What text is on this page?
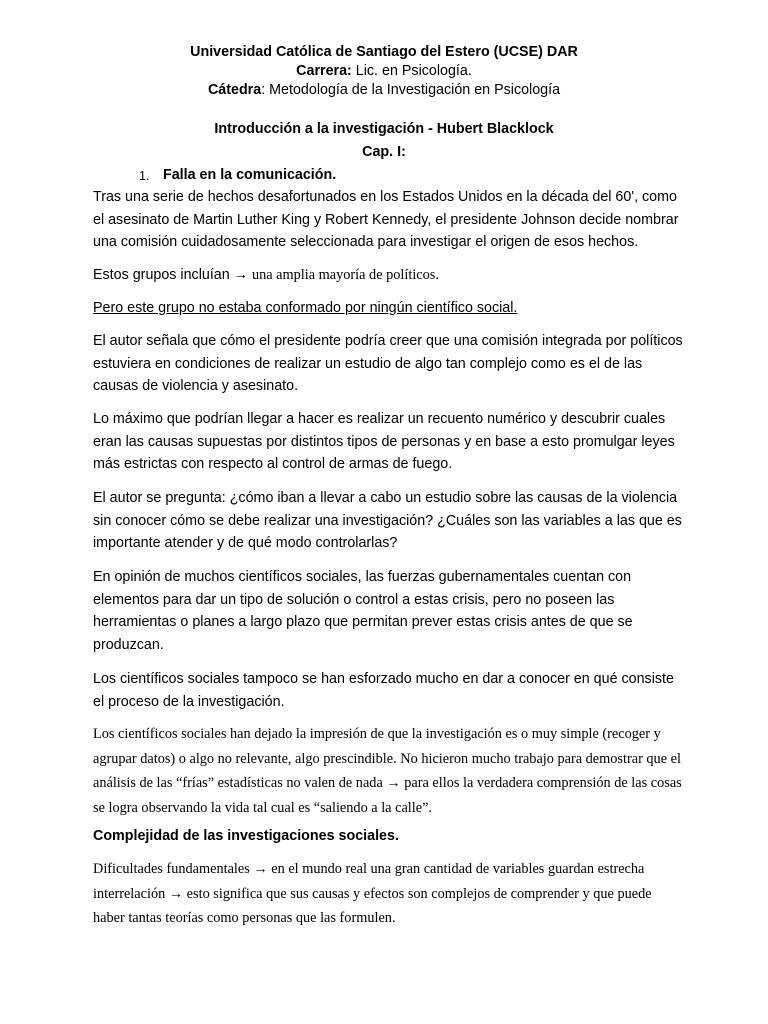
Universidad Católica de Santiago del Estero (UCSE) DAR
Carrera: Lic. en Psicología.
Cátedra: Metodología de la Investigación en Psicología
Introducción a la investigación - Hubert Blacklock
Cap. I:
1. Falla en la comunicación.

Tras una serie de hechos desafortunados en los Estados Unidos en la década del 60', como el asesinato de Martin Luther King y Robert Kennedy, el presidente Johnson decide nombrar una comisión cuidadosamente seleccionada para investigar el origen de esos hechos.

Estos grupos incluían → una amplia mayoría de políticos.

Pero este grupo no estaba conformado por ningún científico social.

El autor señala que cómo el presidente podría creer que una comisión integrada por políticos estuviera en condiciones de realizar un estudio de algo tan complejo como es el de las causas de violencia y asesinato.

Lo máximo que podrían llegar a hacer es realizar un recuento numérico y descubrir cuales eran las causas supuestas por distintos tipos de personas y en base a esto promulgar leyes más estrictas con respecto al control de armas de fuego.

El autor se pregunta: ¿cómo iban a llevar a cabo un estudio sobre las causas de la violencia sin conocer cómo se debe realizar una investigación? ¿Cuáles son las variables a las que es importante atender y de qué modo controlarlas?

En opinión de muchos científicos sociales, las fuerzas gubernamentales cuentan con elementos para dar un tipo de solución o control a estas crisis, pero no poseen las herramientas o planes a largo plazo que permitan prever estas crisis antes de que se produzcan.

Los científicos sociales tampoco se han esforzado mucho en dar a conocer en qué consiste el proceso de la investigación.

Los científicos sociales han dejado la impresión de que la investigación es o muy simple (recoger y agrupar datos) o algo no relevante, algo prescindible. No hicieron mucho trabajo para demostrar que el análisis de las “frías” estadísticas no valen de nada → para ellos la verdadera comprensión de las cosas se logra observando la vida tal cual es “saliendo a la calle”.

Complejidad de las investigaciones sociales.

Dificultades fundamentales → en el mundo real una gran cantidad de variables guardan estrecha interrelación → esto significa que sus causas y efectos son complejos de comprender y que puede haber tantas teorías como personas que las formulen.
